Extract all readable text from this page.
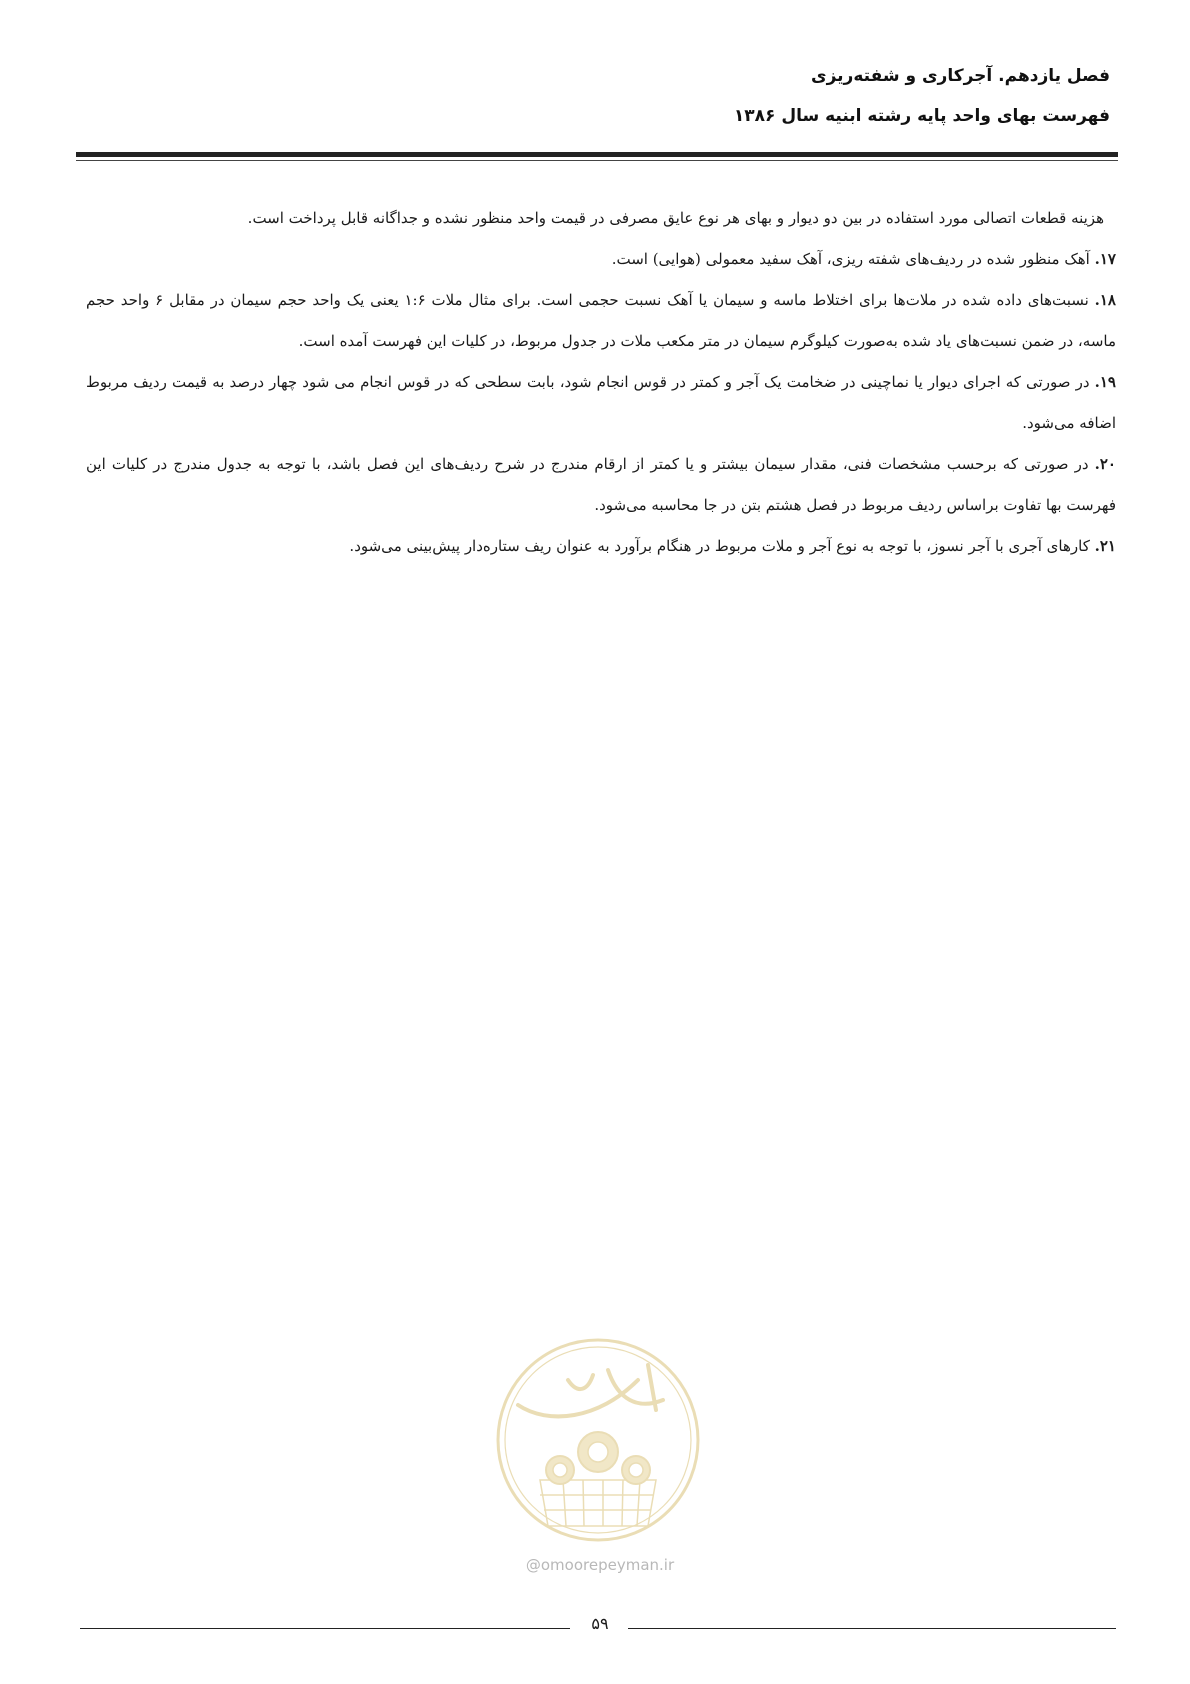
فصل یازدهم. آجرکاری و شفته‌ریزی
فهرست بهای واحد پایه رشته ابنیه سال ۱۳۸۶

هزینه قطعات اتصالی مورد استفاده در بین دو دیوار و بهای هر نوع عایق مصرفی در قیمت واحد منظور نشده و جداگانه قابل پرداخت است.

۱۷. آهک منظور شده در ردیف‌های شفته ریزی، آهک سفید معمولی (هوایی) است.

۱۸. نسبت‌های داده شده در ملات‌ها برای اختلاط ماسه و سیمان یا آهک نسبت حجمی است. برای مثال ملات ۱:۶ یعنی یک واحد حجم سیمان در مقابل ۶ واحد حجم ماسه، در ضمن نسبت‌های یاد شده به‌صورت کیلوگرم سیمان در متر مکعب ملات در جدول مربوط، در کلیات این فهرست آمده است.

۱۹. در صورتی که اجرای دیوار یا نماچینی در ضخامت یک آجر و کمتر در قوس انجام شود، بابت سطحی که در قوس انجام می شود چهار درصد به قیمت ردیف مربوط اضافه می‌شود.

۲۰. در صورتی که برحسب مشخصات فنی، مقدار سیمان بیشتر و یا کمتر از ارقام مندرج در شرح ردیف‌های این فصل باشد، با توجه به جدول مندرج در کلیات این فهرست بها تفاوت براساس ردیف مربوط در فصل هشتم بتن در جا محاسبه می‌شود.

۲۱. کارهای آجری با آجر نسوز، با توجه به نوع آجر و ملات مربوط در هنگام برآورد به عنوان ریف ستاره‌دار پیش‌بینی می‌شود.

@omoorepeyman.ir
۵۹
